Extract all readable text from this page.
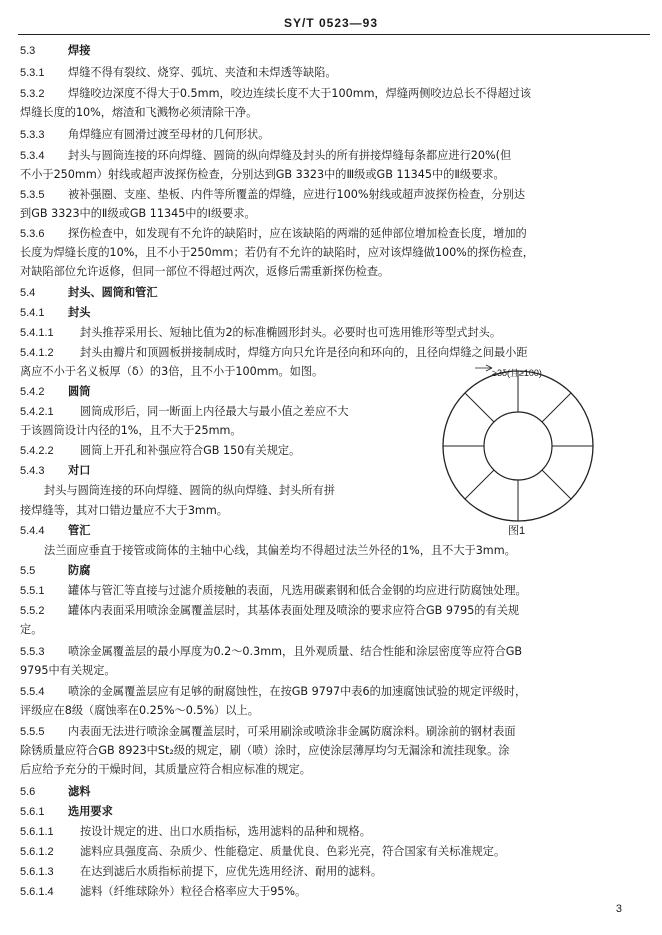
SY/T 0523—93
5.3	焊接
5.3.1 焊缝不得有裂纹、烧穿、弧坑、夹渣和未焊透等缺陷。
5.3.2 焊缝咬边深度不得大于0.5mm，咬边连续长度不大于100mm，焊缝两侧咬边总长不得超过该
焊缝长度的10%，熔渣和飞溅物必须清除干净。
5.3.3 角焊缝应有圆滑过渡至母材的几何形状。
5.3.4 封头与圆筒连接的环向焊缝、圆筒的纵向焊缝及封头的所有拼接焊缝每条都应进行20%(但
不小于250mm）射线或超声波探伤检查，分别达到GB 3323中的Ⅲ级或GB 11345中的Ⅱ级要求。
5.3.5 被补强圈、支座、垫板、内件等所覆盖的焊缝，应进行100%射线或超声波探伤检查，分别达
到GB 3323中的Ⅱ级或GB 11345中的Ⅰ级要求。
5.3.6 探伤检查中，如发现有不允许的缺陷时，应在该缺陷的两端的延伸部位增加检查长度，增加的
长度为焊缝长度的10%，且不小于250mm；若仍有不允许的缺陷时，应对该焊缝做100%的探伤检查，
对缺陷部位允许返修，但同一部位不得超过两次，返修后需重新探伤检查。
5.4	封头、圆筒和管汇
5.4.1 封头
5.4.1.1 封头推荐采用长、短轴比值为2的标准椭圆形封头。必要时也可选用锥形等型式封头。
5.4.1.2 封头由瓣片和顶圆板拼接制成时，焊缝方向只允许是径向和环向的，且径向焊缝之间最小距
离应不小于名义板厚（δ）的3倍，且不小于100mm。如图。
5.4.2 圆筒
5.4.2.1 圆筒成形后，同一断面上内径最大与最小值之差应不大
于该圆筒设计内径的1%，且不大于25mm。
5.4.2.2 圆筒上开孔和补强应符合GB 150有关规定。
5.4.3 对口
封头与圆筒连接的环向焊缝、圆筒的纵向焊缝、封头所有拼
接焊缝等，其对口错边量应不大于3mm。
5.4.4 管汇
法兰面应垂直于接管或筒体的主轴中心线，其偏差均不得超过法兰外径的1%，且不大于3mm。
5.5	防腐
5.5.1 罐体与管汇等直接与过滤介质接触的表面，凡选用碳素钢和低合金钢的均应进行防腐蚀处理。
5.5.2 罐体内表面采用喷涂金属覆盖层时，其基体表面处理及喷涂的要求应符合GB 9795的有关规
定。
5.5.3 喷涂金属覆盖层的最小厚度为0.2～0.3mm，且外观质量、结合性能和涂层密度等应符合GB
9795中有关规定。
5.5.4 喷涂的金属覆盖层应有足够的耐腐蚀性，在按GB 9797中表6的加速腐蚀试验的规定评级时，
评级应在8级（腐蚀率在0.25%～0.5%）以上。
5.5.5 内表面无法进行喷涂金属覆盖层时，可采用刷涂或喷涂非金属防腐涂料。刷涂前的钢材表面
除锈质量应符合GB 8923中St₂级的规定，刷（喷）涂时，应使涂层薄厚均匀无漏涂和流挂现象。涂
后应给予充分的干燥时间，其质量应符合相应标准的规定。
5.6	滤料
5.6.1 选用要求
5.6.1.1 按设计规定的进、出口水质指标，选用滤料的品种和规格。
5.6.1.2 滤料应具强度高、杂质少、性能稳定、质量优良、色彩光亮，符合国家有关标准规定。
5.6.1.3 在达到滤后水质指标前提下，应优先选用经济、耐用的滤料。
5.6.1.4 滤料（纤维球除外）粒径合格率应大于95%。
≥3δ(且≥100)
图1
3
